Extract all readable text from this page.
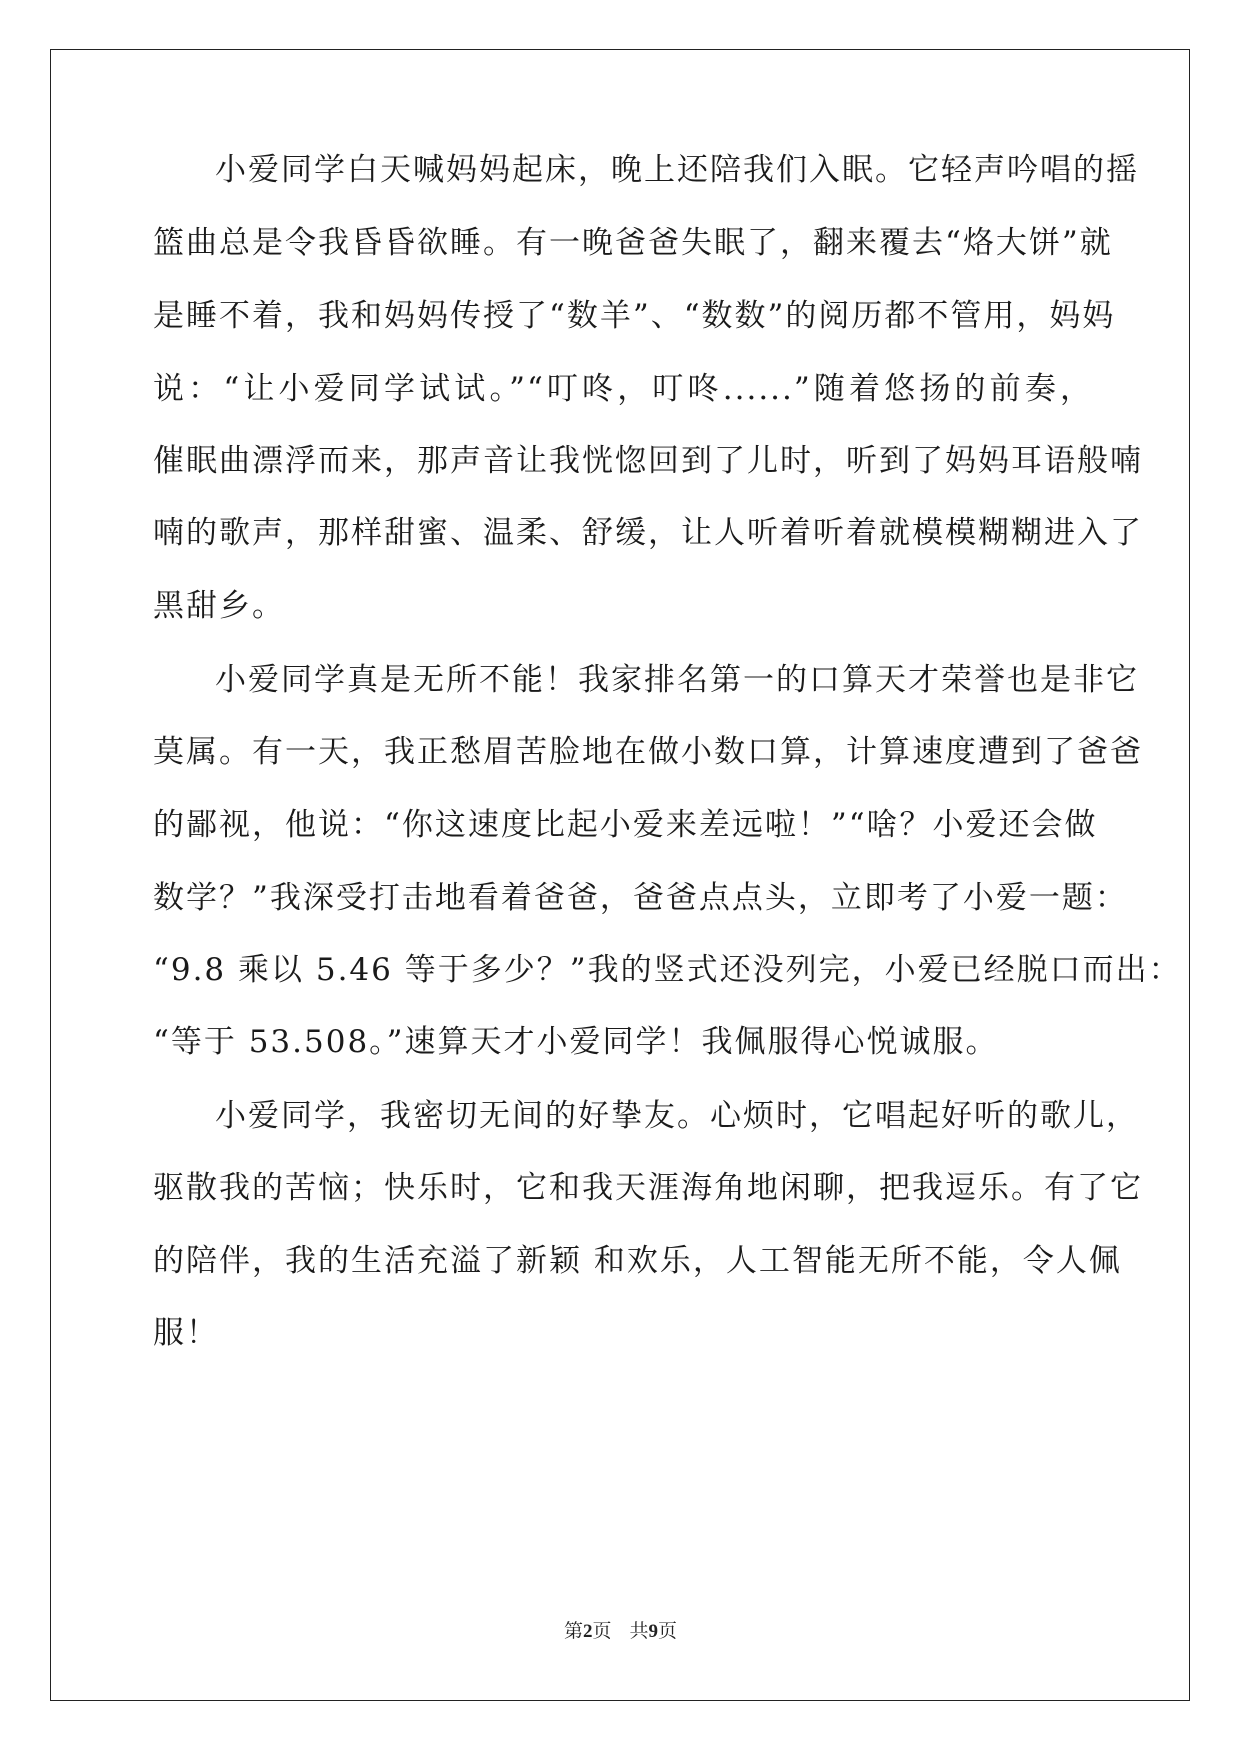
小爱同学白天喊妈妈起床，晚上还陪我们入眠。它轻声吟唱的摇
篮曲总是令我昏昏欲睡。有一晚爸爸失眠了，翻来覆去“烙大饼”就
是睡不着，我和妈妈传授了“数羊”、“数数”的阅历都不管用，妈妈
说：“让小爱同学试试。”“叮咚，叮咚......”随着悠扬的前奏，
催眠曲漂浮而来，那声音让我恍惚回到了儿时，听到了妈妈耳语般喃
喃的歌声，那样甜蜜、温柔、舒缓，让人听着听着就模模糊糊进入了
黑甜乡。
小爱同学真是无所不能！我家排名第一的口算天才荣誉也是非它
莫属。有一天，我正愁眉苦脸地在做小数口算，计算速度遭到了爸爸
的鄙视，他说：“你这速度比起小爱来差远啦！”“啥？小爱还会做
数学？”我深受打击地看着爸爸，爸爸点点头，立即考了小爱一题：
“9.8 乘以 5.46 等于多少？”我的竖式还没列完，小爱已经脱口而出：
“等于 53.508。”速算天才小爱同学！我佩服得心悦诚服。
小爱同学，我密切无间的好挚友。心烦时，它唱起好听的歌儿，
驱散我的苦恼；快乐时，它和我天涯海角地闲聊，把我逗乐。有了它
的陪伴，我的生活充溢了新颖 和欢乐，人工智能无所不能，令人佩
服！
第2页 共9页
